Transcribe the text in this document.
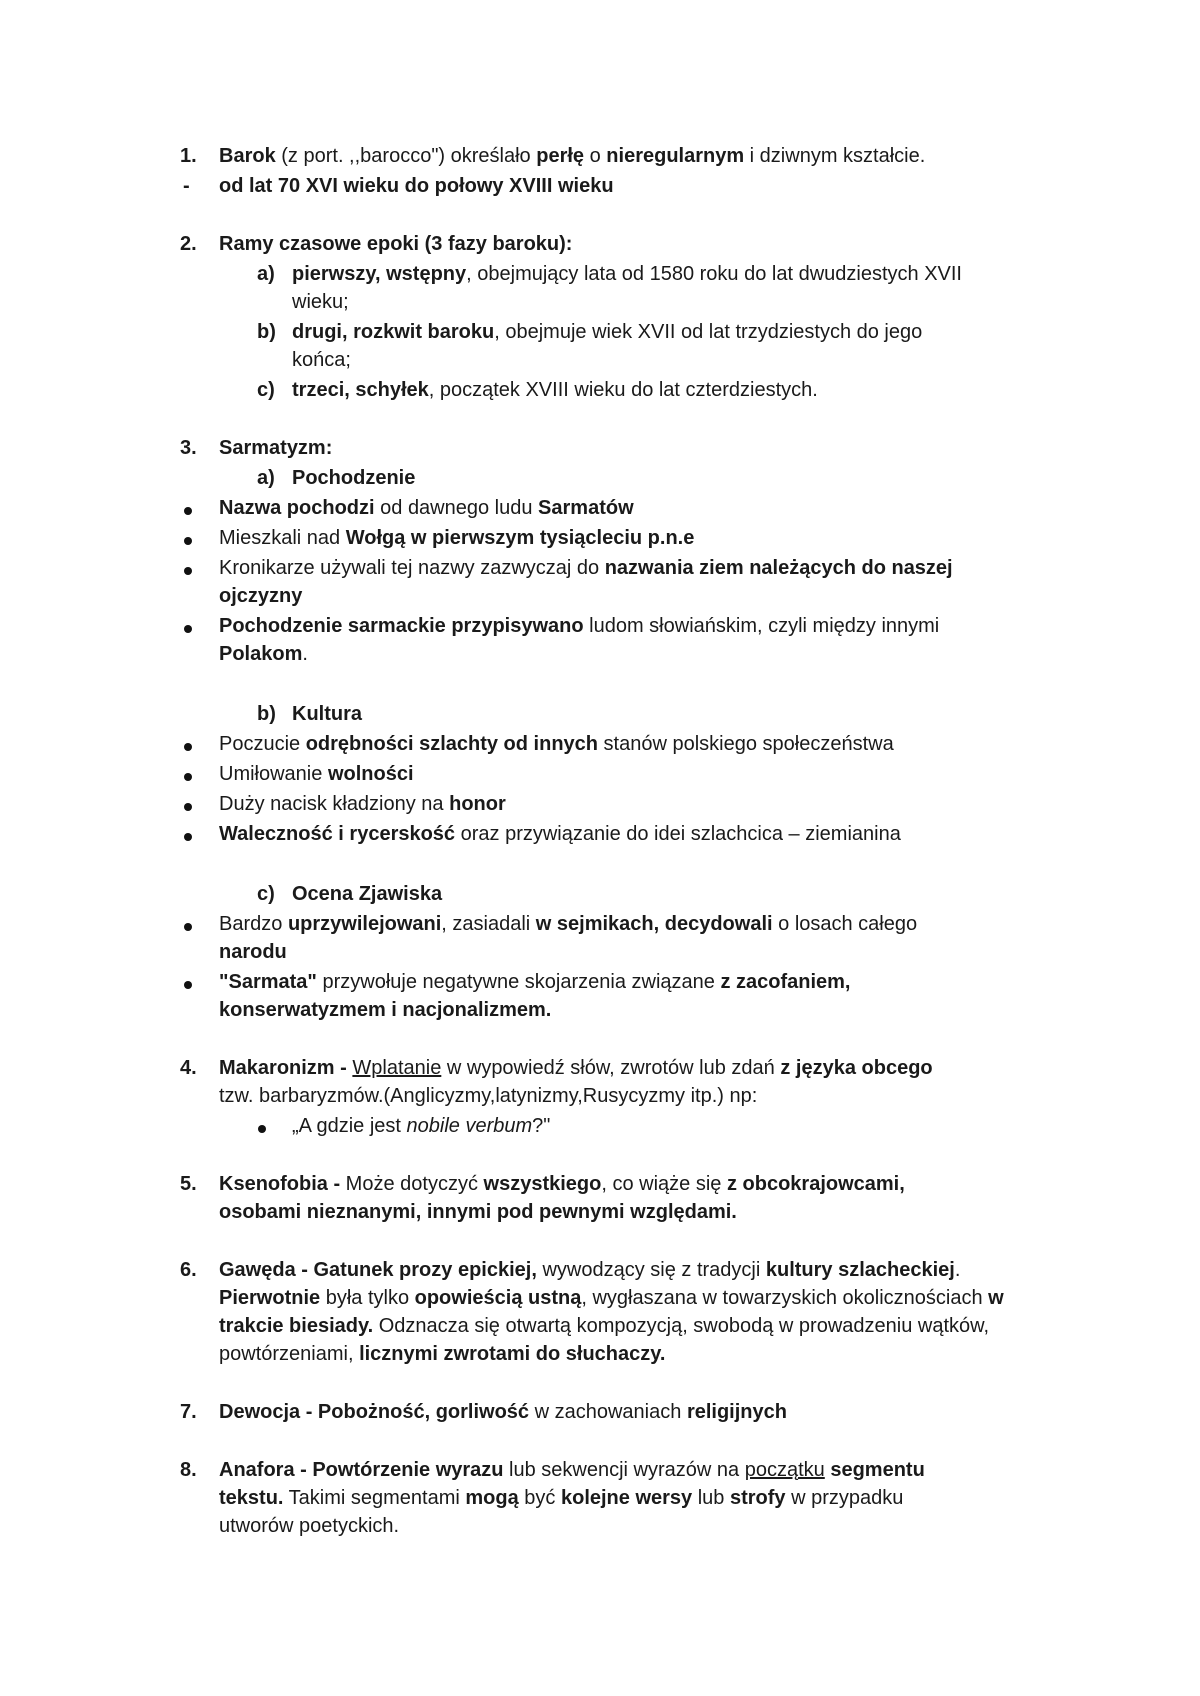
1. Barok (z port. ,,barocco") określało perłę o nieregularnym i dziwnym kształcie.
- od lat 70 XVI wieku do połowy XVIII wieku
2. Ramy czasowe epoki (3 fazy baroku):
a) pierwszy, wstępny, obejmujący lata od 1580 roku do lat dwudziestych XVII
wieku;
b) drugi, rozkwit baroku, obejmuje wiek XVII od lat trzydziestych do jego
końca;
c) trzeci, schyłek, początek XVIII wieku do lat czterdziestych.
3. Sarmatyzm:
a) Pochodzenie
Nazwa pochodzi od dawnego ludu Sarmatów
Mieszkali nad Wołgą w pierwszym tysiącleciu p.n.e
Kronikarze używali tej nazwy zazwyczaj do nazwania ziem należących do naszej
ojczyzny
Pochodzenie sarmackie przypisywano ludom słowiańskim, czyli między innymi
Polakom.
b) Kultura
Poczucie odrębności szlachty od innych stanów polskiego społeczeństwa
Umiłowanie wolności
Duży nacisk kładziony na honor
Waleczność i rycerskość oraz przywiązanie do idei szlachcica – ziemianina
c) Ocena Zjawiska
Bardzo uprzywilejowani, zasiadali w sejmikach, decydowali o losach całego
narodu
"Sarmata" przywołuje negatywne skojarzenia związane z zacofaniem,
konserwatyzmem i nacjonalizmem.
4. Makaronizm - Wplatanie w wypowiedź słów, zwrotów lub zdań z języka obcego
tzw. barbaryzmów.(Anglicyzmy,latynizmy,Rusycyzmy itp.) np:
„A gdzie jest nobile verbum?"
5. Ksenofobia - Może dotyczyć wszystkiego, co wiąże się z obcokrajowcami,
osobami nieznanymi, innymi pod pewnymi względami.
6. Gawęda - Gatunek prozy epickiej, wywodzący się z tradycji kultury szlacheckiej.
Pierwotnie była tylko opowieścią ustną, wygłaszana w towarzyskich okolicznościach w
trakcie biesiady. Odznacza się otwartą kompozycją, swobodą w prowadzeniu wątków,
powtórzeniami, licznymi zwrotami do słuchaczy.
7. Dewocja - Pobożność, gorliwość w zachowaniach religijnych
8. Anafora - Powtórzenie wyrazu lub sekwencji wyrazów na początku segmentu
tekstu. Takimi segmentami mogą być kolejne wersy lub strofy w przypadku
utworów poetyckich.
